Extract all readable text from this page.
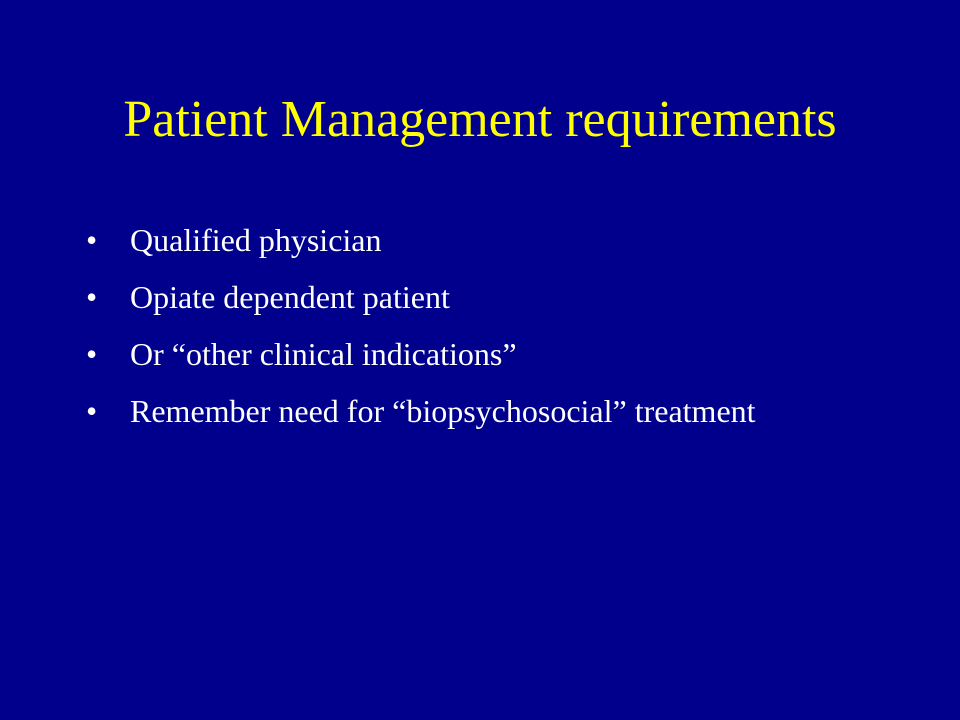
Patient Management requirements
•	Qualified physician
•	Opiate dependent patient
•	Or “other clinical indications”
•	Remember need for “biopsychosocial” treatment
